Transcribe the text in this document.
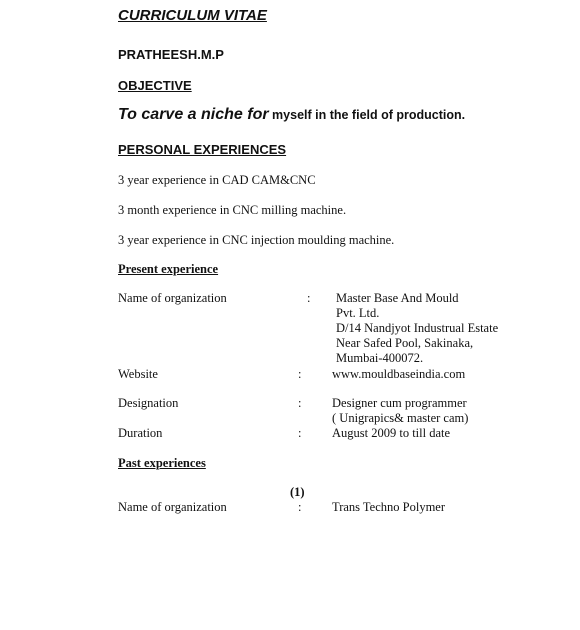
CURRICULUM VITAE
PRATHEESH.M.P
OBJECTIVE
To carve a niche for myself in the field of production.
PERSONAL EXPERIENCES
3 year experience in CAD CAM&CNC
3 month experience in CNC milling machine.
3 year experience in CNC injection moulding machine.
Present experience
Name of organization	: Master Base And Mould
Pvt. Ltd.
D/14 Nandjyot Industrual Estate
Near Safed Pool, Sakinaka,
Mumbai-400072.
Website	: www.mouldbaseindia.com
Designation	: Designer cum programmer
( Unigrapics& master cam)
Duration	: August 2009 to till date
Past experiences
(1)
Name of organization	: Trans Techno Polymer
